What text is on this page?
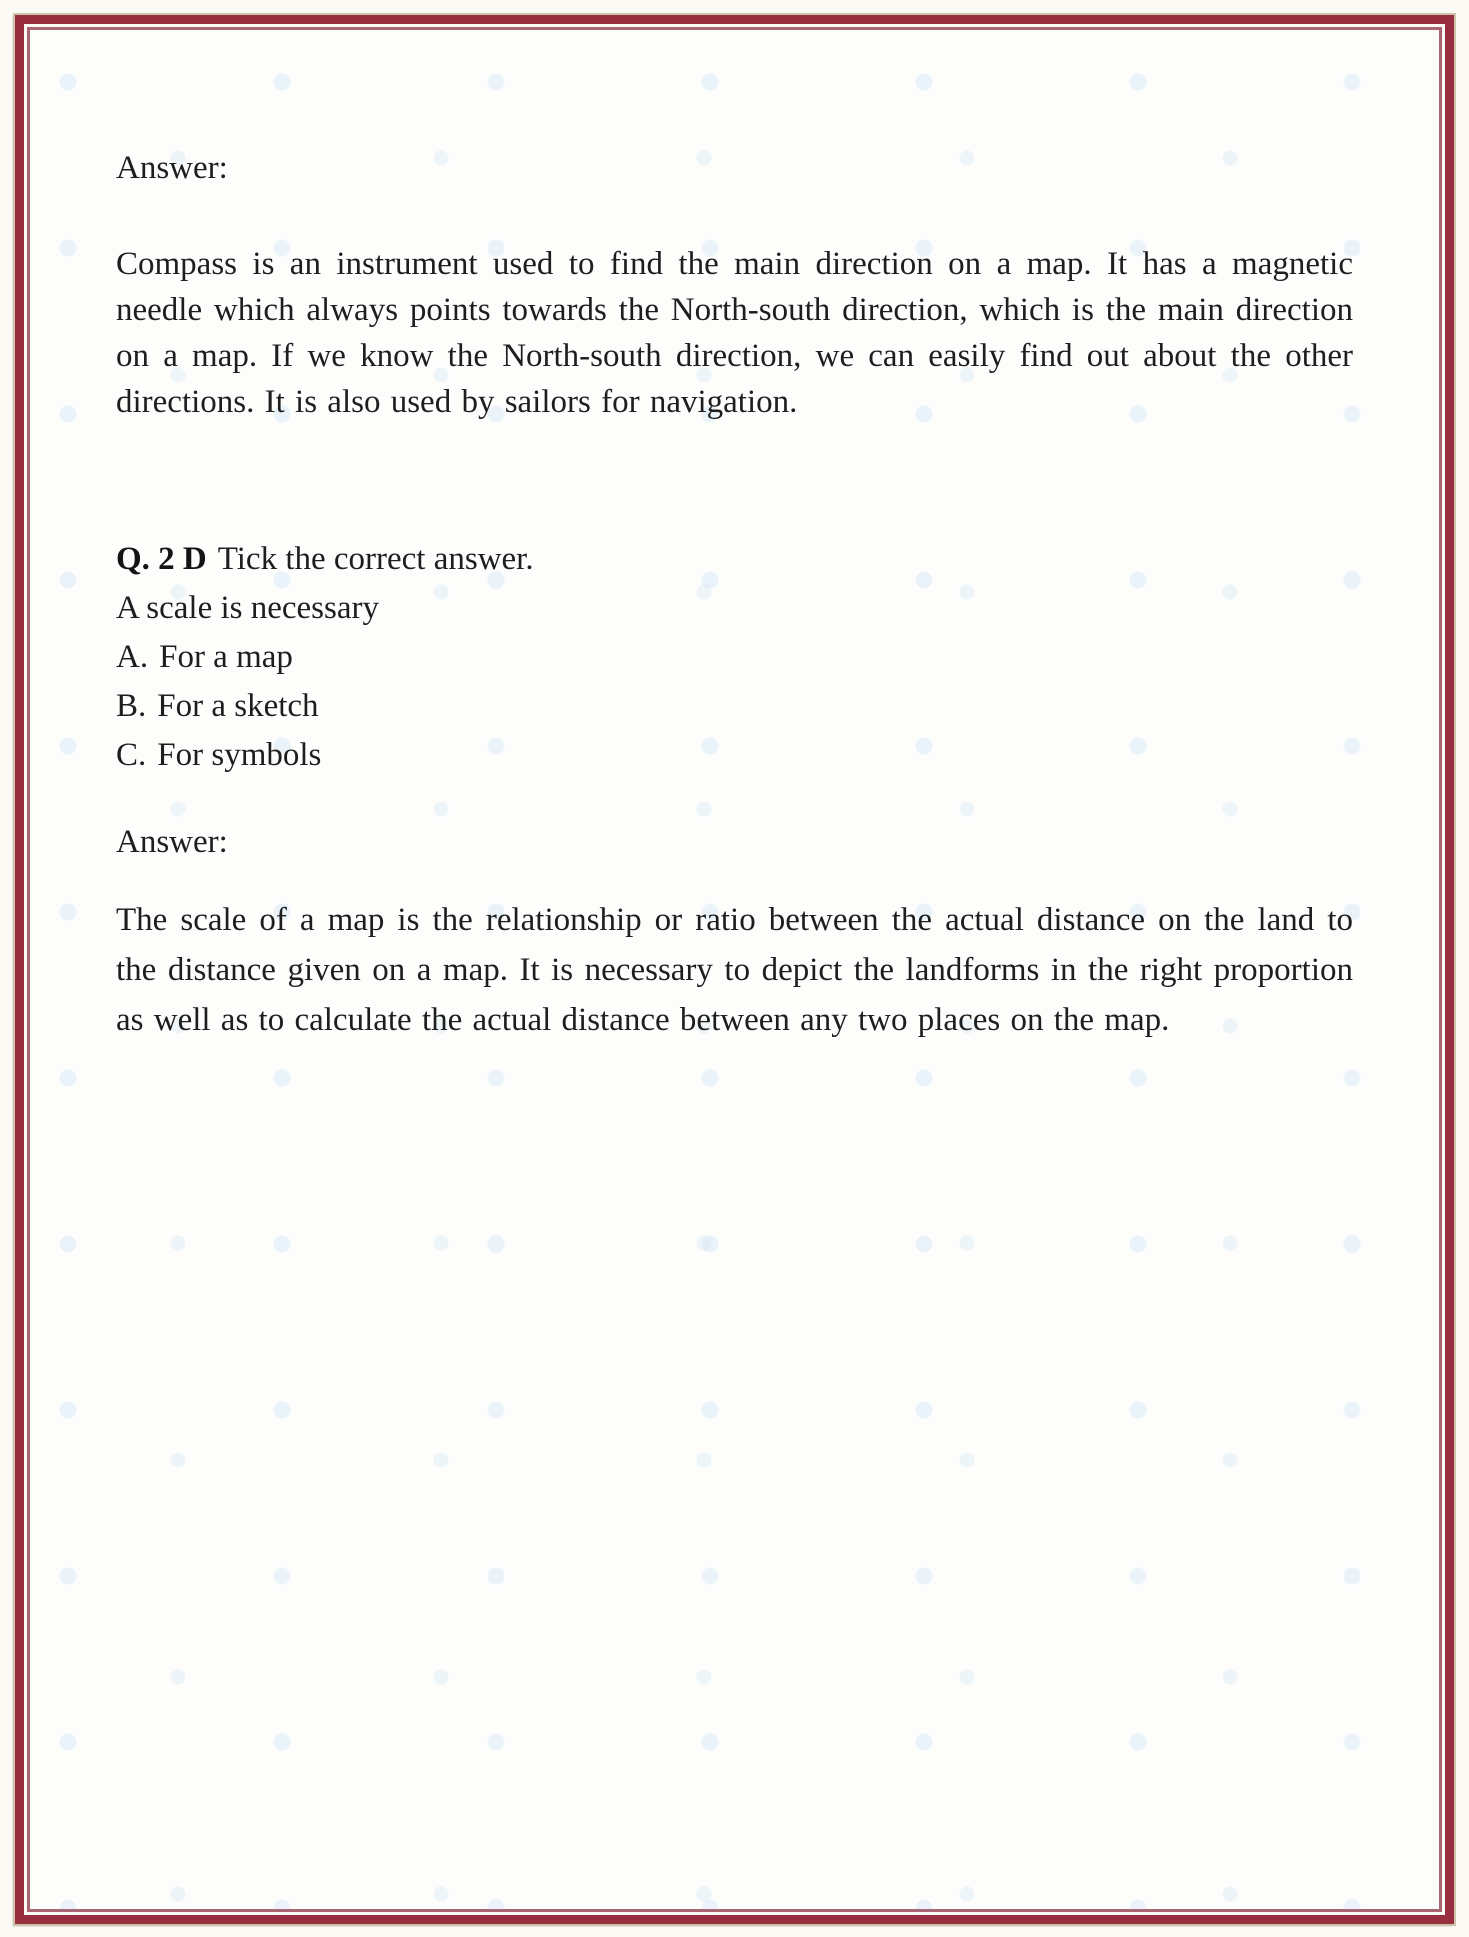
Answer:

Compass is an instrument used to find the main direction on a map. It has a magnetic needle which always points towards the North-south direction, which is the main direction on a map. If we know the North-south direction, we can easily find out about the other directions. It is also used by sailors for navigation.

Q. 2 D Tick the correct answer.
A scale is necessary
A. For a map
B. For a sketch
C. For symbols

Answer:

The scale of a map is the relationship or ratio between the actual distance on the land to the distance given on a map. It is necessary to depict the landforms in the right proportion as well as to calculate the actual distance between any two places on the map.
